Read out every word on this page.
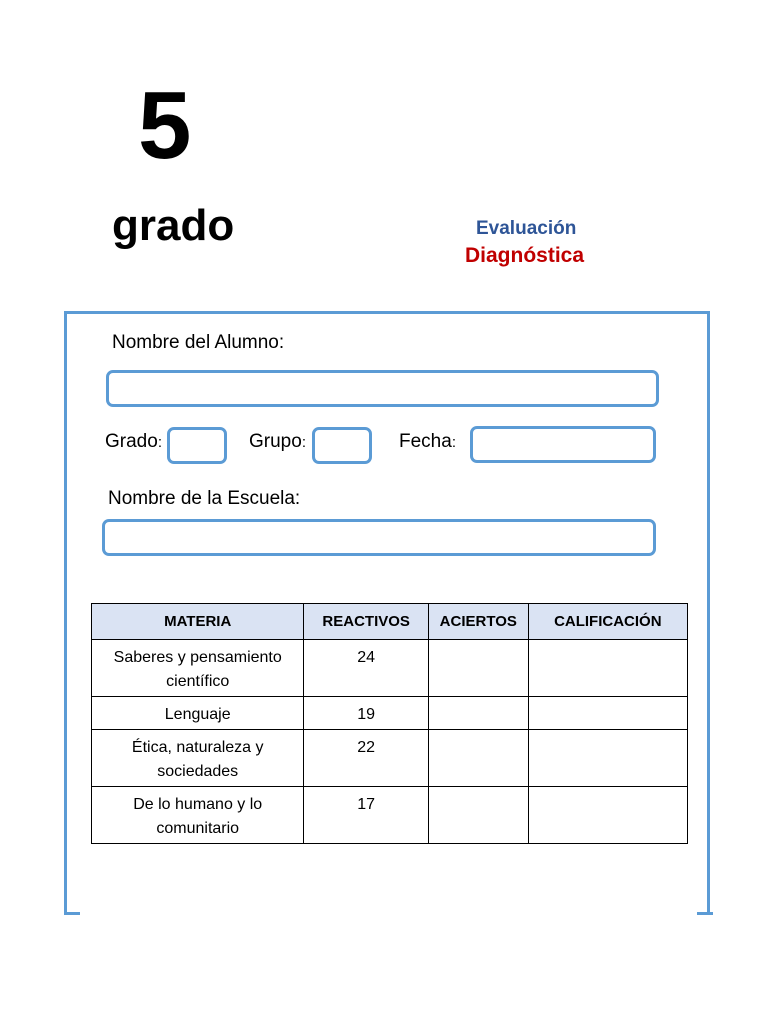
5
grado	Evaluación
Diagnóstica
Nombre del Alumno:
Grado:	Grupo:	Fecha:
Nombre de la Escuela:
MATERIA	REACTIVOS	ACIERTOS	CALIFICACIÓN

Saberes y pensamiento
científico	24		

Lenguaje	19		

Ética, naturaleza y
sociedades	22		

De lo humano y lo
comunitario	17		
